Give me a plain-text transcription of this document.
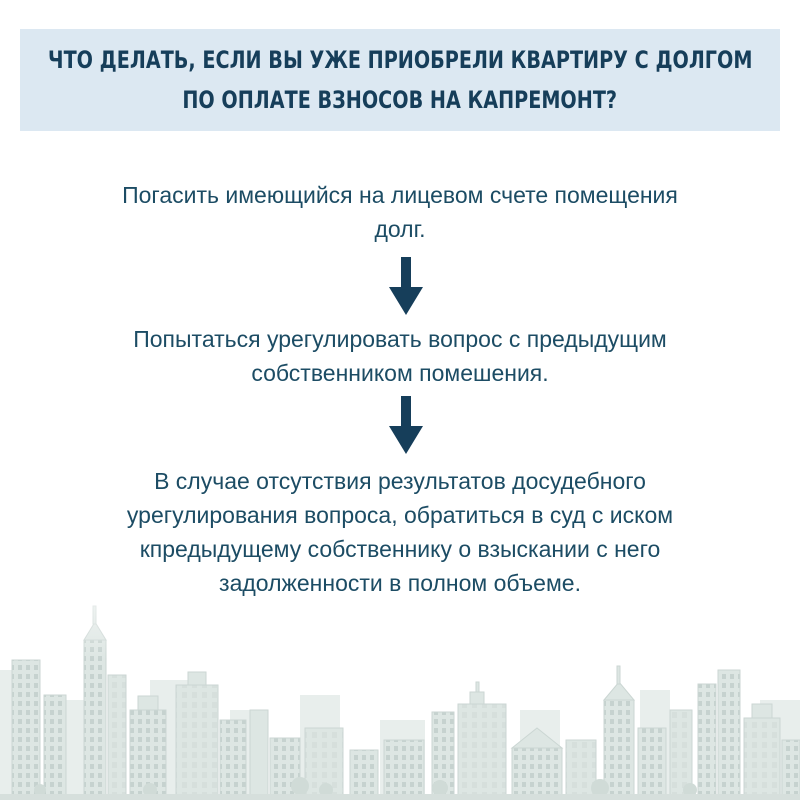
ЧТО ДЕЛАТЬ, ЕСЛИ ВЫ УЖЕ ПРИОБРЕЛИ КВАРТИРУ С ДОЛГОМ
ПО ОПЛАТЕ ВЗНОСОВ НА КАПРЕМОНТ?
Погасить имеющийся на лицевом счете помещения
долг.
Попытаться урегулировать вопрос с предыдущим
собственником помешения.
В случае отсутствия результатов досудебного
урегулирования вопроса, обратиться в суд с иском
кпредыдущему собственнику о взыскании с него
задолженности в полном объеме.
